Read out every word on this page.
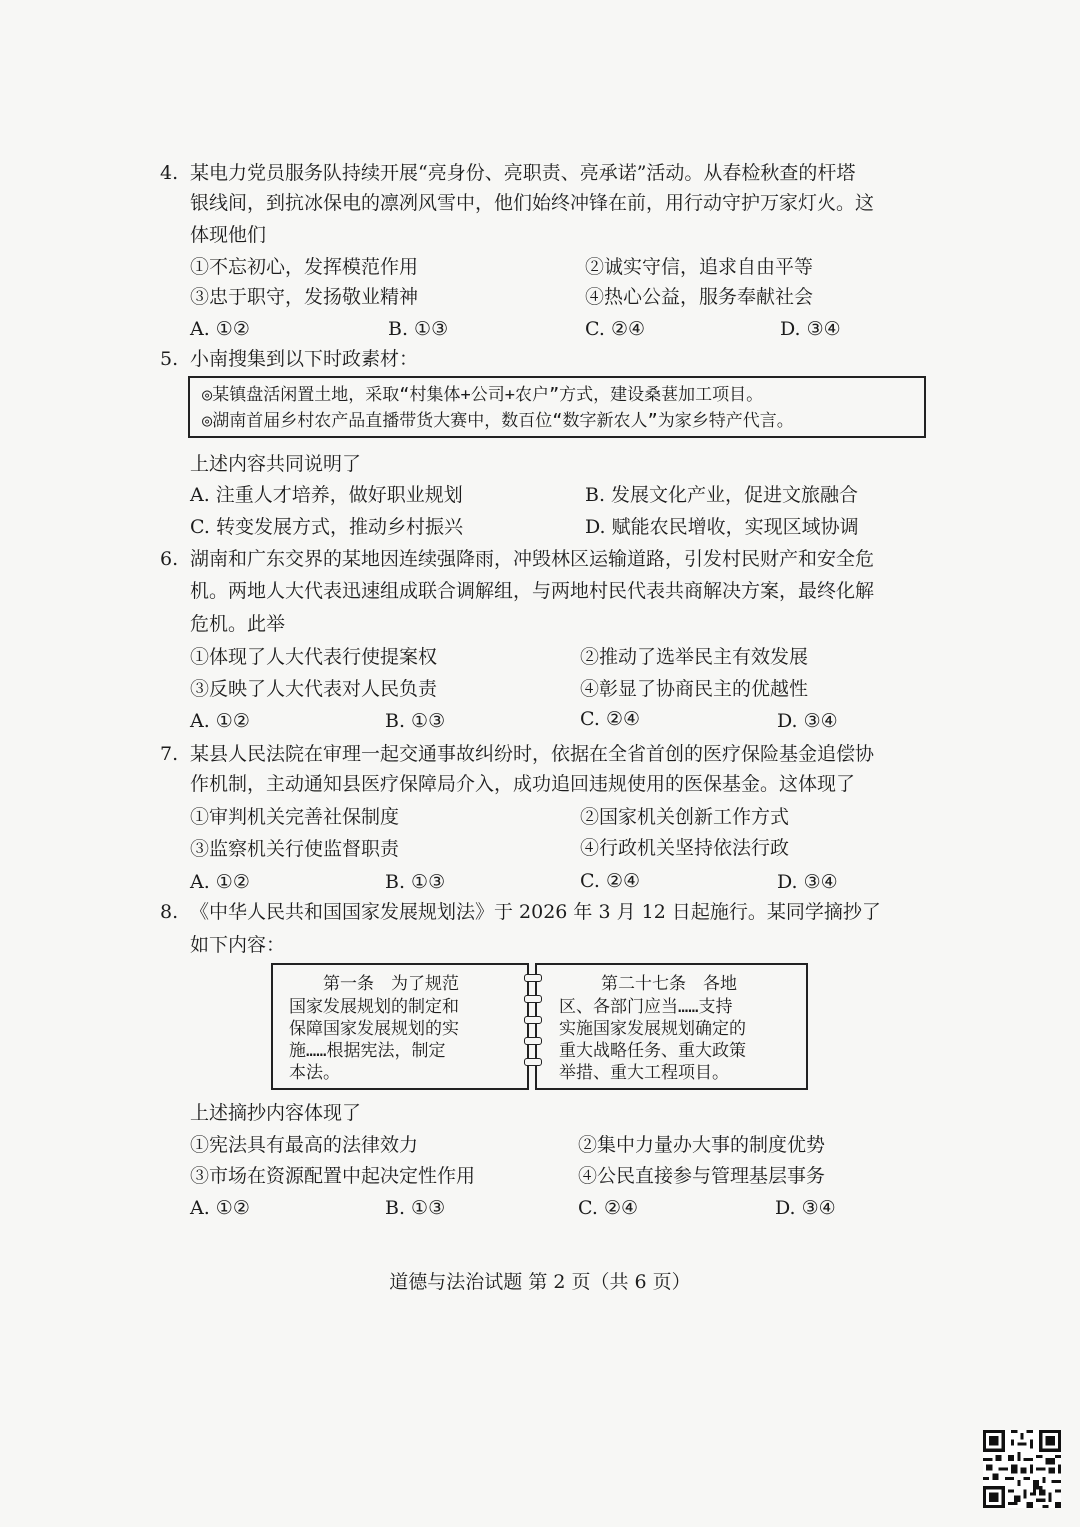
4. 某电力党员服务队持续开展“亮身份、亮职责、亮承诺”活动。从春检秋查的杆塔
银线间，到抗冰保电的凛冽风雪中，他们始终冲锋在前，用行动守护万家灯火。这
体现他们
①不忘初心，发挥模范作用	②诚实守信，追求自由平等
③忠于职守，发扬敬业精神	④热心公益，服务奉献社会
A. ①②	B. ①③	C. ②④	D. ③④
5. 小南搜集到以下时政素材：
◎某镇盘活闲置土地，采取“村集体+公司+农户”方式，建设桑葚加工项目。
◎湖南首届乡村农产品直播带货大赛中，数百位“数字新农人”为家乡特产代言。
上述内容共同说明了
A. 注重人才培养，做好职业规划	B. 发展文化产业，促进文旅融合
C. 转变发展方式，推动乡村振兴	D. 赋能农民增收，实现区域协调
6. 湖南和广东交界的某地因连续强降雨，冲毁林区运输道路，引发村民财产和安全危
机。两地人大代表迅速组成联合调解组，与两地村民代表共商解决方案，最终化解
危机。此举
①体现了人大代表行使提案权	②推动了选举民主有效发展
③反映了人大代表对人民负责	④彰显了协商民主的优越性
A. ①②	B. ①③	C. ②④	D. ③④
7. 某县人民法院在审理一起交通事故纠纷时，依据在全省首创的医疗保险基金追偿协
作机制，主动通知县医疗保障局介入，成功追回违规使用的医保基金。这体现了
①审判机关完善社保制度	②国家机关创新工作方式
③监察机关行使监督职责	④行政机关坚持依法行政
A. ①②	B. ①③	C. ②④	D. ③④
8. 《中华人民共和国国家发展规划法》于 2026 年 3 月 12 日起施行。某同学摘抄了
如下内容：
第一条　为了规范
国家发展规划的制定和
保障国家发展规划的实
施……根据宪法，制定
本法。
第二十七条　各地
区、各部门应当……支持
实施国家发展规划确定的
重大战略任务、重大政策
举措、重大工程项目。
上述摘抄内容体现了
①宪法具有最高的法律效力	②集中力量办大事的制度优势
③市场在资源配置中起决定性作用	④公民直接参与管理基层事务
A. ①②	B. ①③	C. ②④	D. ③④
道德与法治试题 第 2 页（共 6 页）
